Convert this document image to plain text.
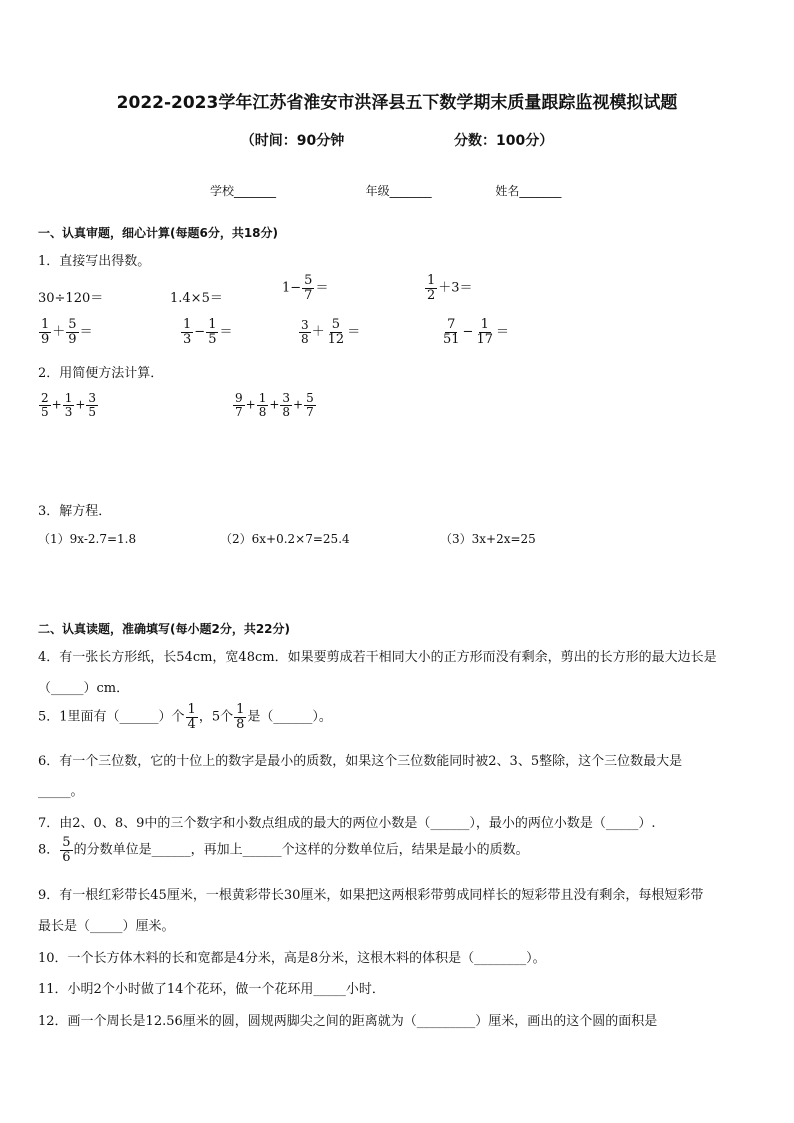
2022-2023学年江苏省淮安市洪泽县五下数学期末质量跟踪监视模拟试题
（时间：90分钟	分数：100分）
学校_______	年级_______	姓名_______
一、认真审题，细心计算(每题6分，共18分)
1．直接写出得数。
30÷120＝	1.4×5＝
$1- \frac{5}{7}$ ＝	$\frac{1}{2} +3=$
$\frac{1}{9} + \frac{5}{9}$ ＝	$\frac{1}{3} - \frac{1}{5}$ ＝	$\frac{3}{8} + \frac{5}{12}$ ＝	$\frac{7}{51} - \frac{1}{17}$ ＝
2．用简便方法计算．
$\frac{2}{5} + \frac{1}{3} + \frac{3}{5}$	$\frac{9}{7} + \frac{1}{8} + \frac{3}{8} + \frac{5}{7}$
3．解方程．
（1）9x-2.7=1.8	（2）6x+0.2×7=25.4	（3）3x+2x=25
二、认真读题，准确填写(每小题2分，共22分)
4．有一张长方形纸，长54cm，宽48cm．如果要剪成若干相同大小的正方形而没有剩余，剪出的长方形的最大边长是
（_____）cm．
5．1里面有（______）个 $\frac{1}{4}$ ，5个 $\frac{1}{8}$ 是（______）。
6．有一个三位数，它的十位上的数字是最小的质数，如果这个三位数能同时被2、3、5整除，这个三位数最大是
_____。
7．由2、0、8、9中的三个数字和小数点组成的最大的两位小数是（______），最小的两位小数是（_____）.
8． $\frac{5}{6}$ 的分数单位是______，再加上______个这样的分数单位后，结果是最小的质数。
9．有一根红彩带长45厘米，一根黄彩带长30厘米，如果把这两根彩带剪成同样长的短彩带且没有剩余，每根短彩带
最长是（_____）厘米。
10．一个长方体木料的长和宽都是4分米，高是8分米，这根木料的体积是（________）。
11．小明2个小时做了14个花环，做一个花环用_____小时．
12．画一个周长是12.56厘米的圆，圆规两脚尖之间的距离就为（_________）厘米，画出的这个圆的面积是
